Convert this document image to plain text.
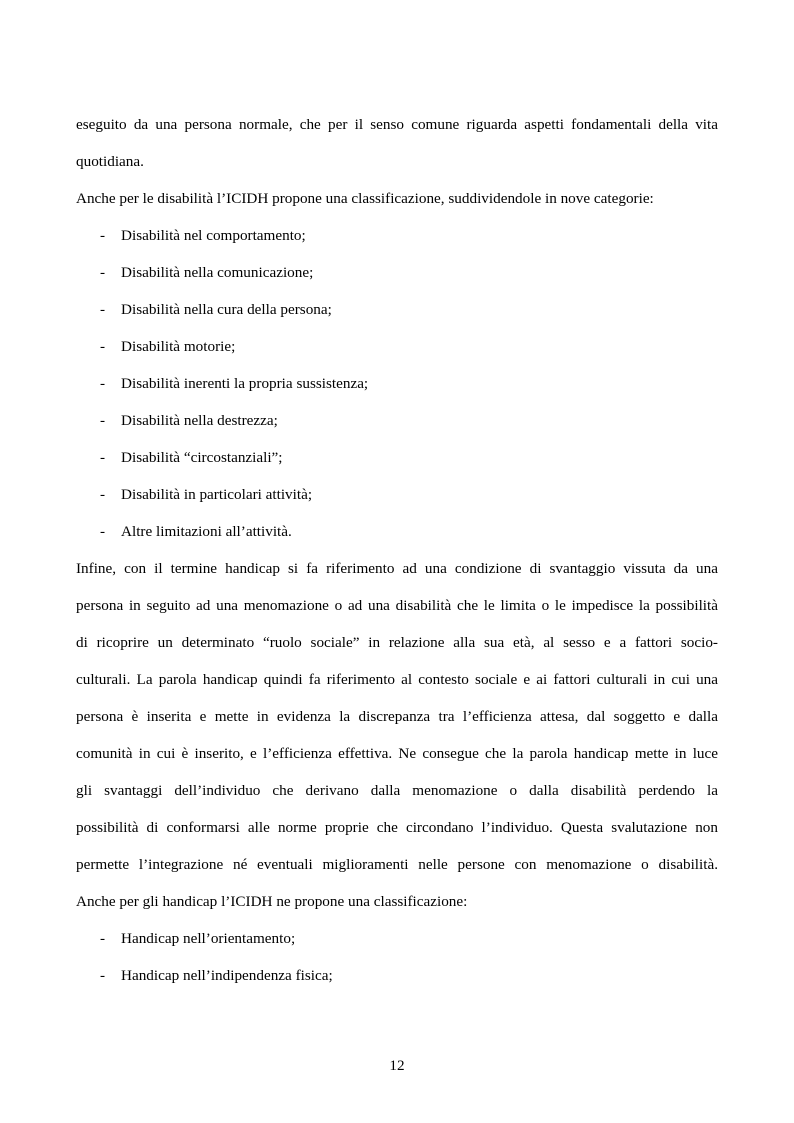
eseguito da una persona normale, che per il senso comune riguarda aspetti fondamentali della vita
quotidiana.
Anche per le disabilità l’ICIDH propone una classificazione, suddividendole in nove categorie:
- Disabilità nel comportamento;
- Disabilità nella comunicazione;
- Disabilità nella cura della persona;
- Disabilità motorie;
- Disabilità inerenti la propria sussistenza;
- Disabilità nella destrezza;
- Disabilità “circostanziali”;
- Disabilità in particolari attività;
- Altre limitazioni all’attività.
Infine, con il termine handicap si fa riferimento ad una condizione di svantaggio vissuta da una
persona in seguito ad una menomazione o ad una disabilità che le limita o le impedisce la possibilità
di ricoprire un determinato “ruolo sociale” in relazione alla sua età, al sesso e a fattori socio-
culturali. La parola handicap quindi fa riferimento al contesto sociale e ai fattori culturali in cui una
persona è inserita e mette in evidenza la discrepanza tra l’efficienza attesa, dal soggetto e dalla
comunità in cui è inserito, e l’efficienza effettiva. Ne consegue che la parola handicap mette in luce
gli svantaggi dell’individuo che derivano dalla menomazione o dalla disabilità perdendo la
possibilità di conformarsi alle norme proprie che circondano l’individuo. Questa svalutazione non
permette l’integrazione né eventuali miglioramenti nelle persone con menomazione o disabilità.
Anche per gli handicap l’ICIDH ne propone una classificazione:
- Handicap nell’orientamento;
- Handicap nell’indipendenza fisica;
12
